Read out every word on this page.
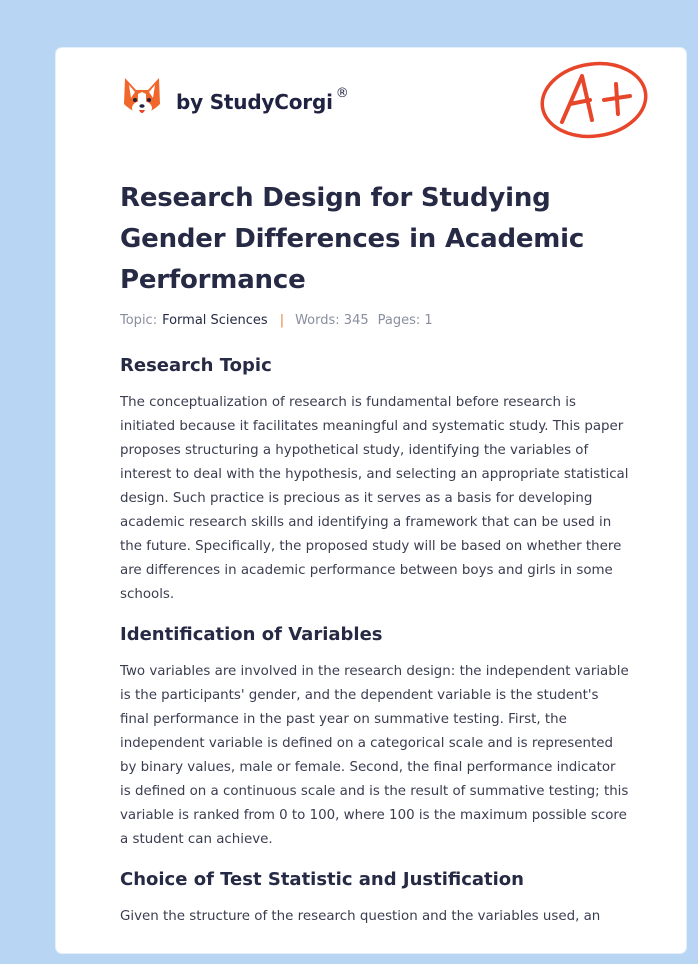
by StudyCorgi ®
Research Design for Studying Gender Differences in Academic Performance
Topic: Formal Sciences | Words: 345 Pages: 1
Research Topic

The conceptualization of research is fundamental before research is initiated because it facilitates meaningful and systematic study. This paper proposes structuring a hypothetical study, identifying the variables of interest to deal with the hypothesis, and selecting an appropriate statistical design. Such practice is precious as it serves as a basis for developing academic research skills and identifying a framework that can be used in the future. Specifically, the proposed study will be based on whether there are differences in academic performance between boys and girls in some schools.

Identification of Variables

Two variables are involved in the research design: the independent variable is the participants' gender, and the dependent variable is the student's final performance in the past year on summative testing. First, the independent variable is defined on a categorical scale and is represented by binary values, male or female. Second, the final performance indicator is defined on a continuous scale and is the result of summative testing; this variable is ranked from 0 to 100, where 100 is the maximum possible score a student can achieve.

Choice of Test Statistic and Justification

Given the structure of the research question and the variables used, an
